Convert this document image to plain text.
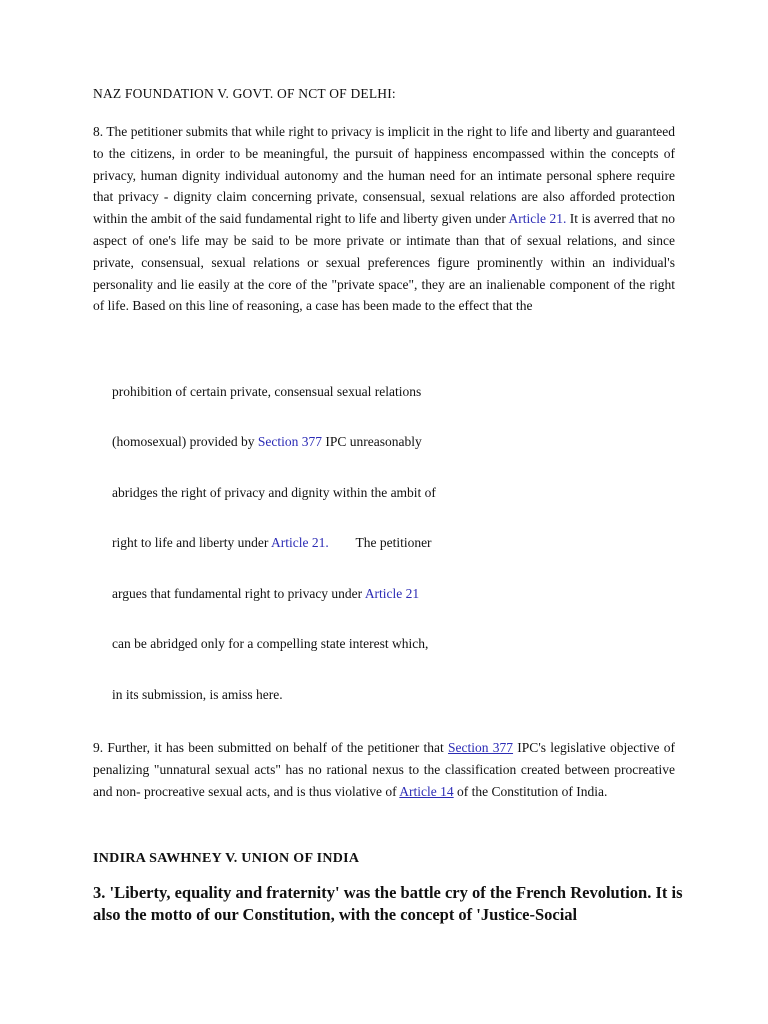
NAZ FOUNDATION V. GOVT. OF NCT OF DELHI:
8. The petitioner submits that while right to privacy is implicit in the right to life and liberty and guaranteed to the citizens, in order to be meaningful, the pursuit of happiness encompassed within the concepts of privacy, human dignity individual autonomy and the human need for an intimate personal sphere require that privacy - dignity claim concerning private, consensual, sexual relations are also afforded protection within the ambit of the said fundamental right to life and liberty given under Article 21. It is averred that no aspect of one's life may be said to be more private or intimate than that of sexual relations, and since private, consensual, sexual relations or sexual preferences figure prominently within an individual's personality and lie easily at the core of the "private space", they are an inalienable component of the right of life. Based on this line of reasoning, a case has been made to the effect that the
prohibition of certain private, consensual sexual relations
(homosexual) provided by Section 377 IPC unreasonably
abridges the right of privacy and dignity within the ambit of
right to life and liberty under Article 21.        The petitioner
argues that fundamental right to privacy under Article 21
can be abridged only for a compelling state interest which,
in its submission, is amiss here.
9. Further, it has been submitted on behalf of the petitioner that Section 377 IPC's legislative objective of penalizing "unnatural sexual acts" has no rational nexus to the classification created between procreative and non- procreative sexual acts, and is thus violative of Article 14 of the Constitution of India.
INDIRA SAWHNEY V. UNION OF INDIA
3. 'Liberty, equality and fraternity' was the battle cry of the French Revolution. It is also the motto of our Constitution, with the concept of 'Justice-Social
